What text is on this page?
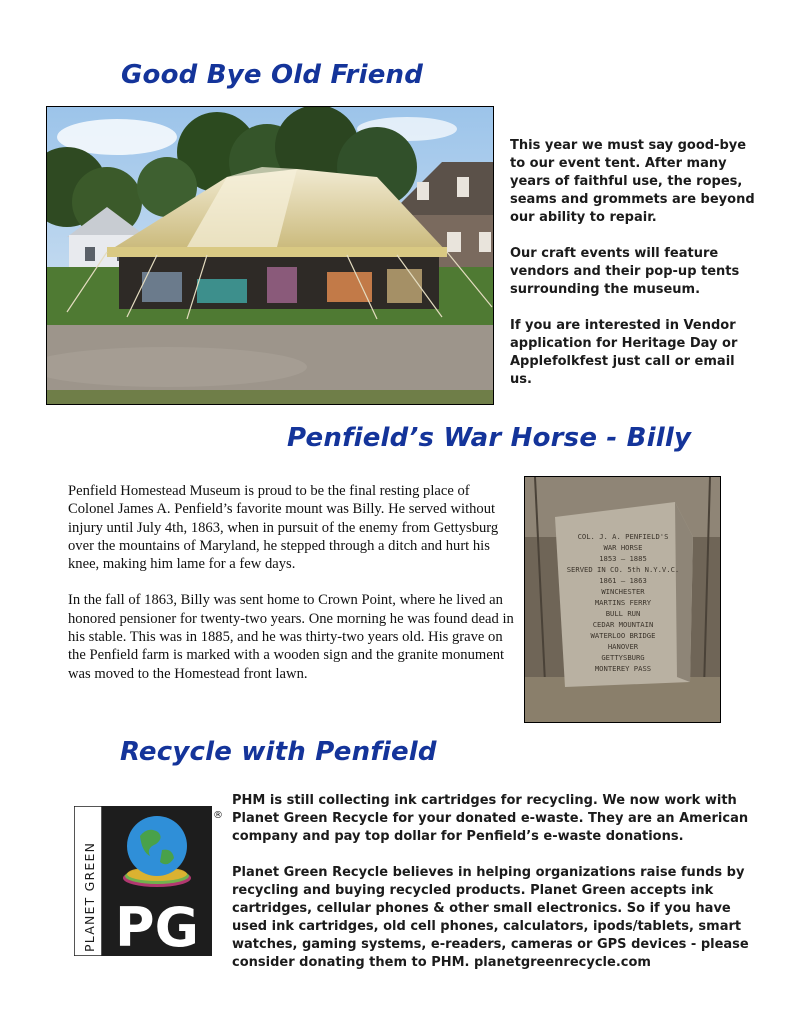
Good Bye Old Friend

This year we must say good-bye to our event tent. After many years of faithful use, the ropes, seams and grommets are beyond our ability to repair.

Our craft events will feature vendors and their pop-up tents surrounding the museum.

If you are interested in Vendor application for Heritage Day or Applefolkfest just call or email us.

Penfield’s War Horse - Billy

Penfield Homestead Museum is proud to be the final resting place of Colonel James A. Penfield’s favorite mount was Billy. He served without injury until July 4th, 1863, when in pursuit of the enemy from Gettysburg over the mountains of Maryland, he stepped through a ditch and hurt his knee, making him lame for a few days.

In the fall of 1863, Billy was sent home to Crown Point, where he lived an honored pensioner for twenty-two years. One morning he was found dead in his stable. This was in 1885, and he was thirty-two years old. His grave on the Penfield farm is marked with a wooden sign and the granite monument was moved to the Homestead front lawn.

COL. J. A. PENFIELD'S
WAR HORSE
1853 — 1885
SERVED IN CO. 5th N.Y.V.C.
1861 — 1863
WINCHESTER
MARTINS FERRY
BULL RUN
CEDAR MOUNTAIN
WATERLOO BRIDGE
HANOVER
GETTYSBURG
MONTEREY PASS
Recycle with Penfield
PLANET GREEN PG
®

PHM is still collecting ink cartridges for recycling. We now work with Planet Green Recycle for your donated e-waste. They are an American company and pay top dollar for Penfield’s e-waste donations.

Planet Green Recycle believes in helping organizations raise funds by recycling and buying recycled products. Planet Green accepts ink cartridges, cellular phones & other small electronics. So if you have used ink cartridges, old cell phones, calculators, ipods/tablets, smart watches, gaming systems, e-readers, cameras or GPS devices - please consider donating them to PHM. planetgreenrecycle.com
